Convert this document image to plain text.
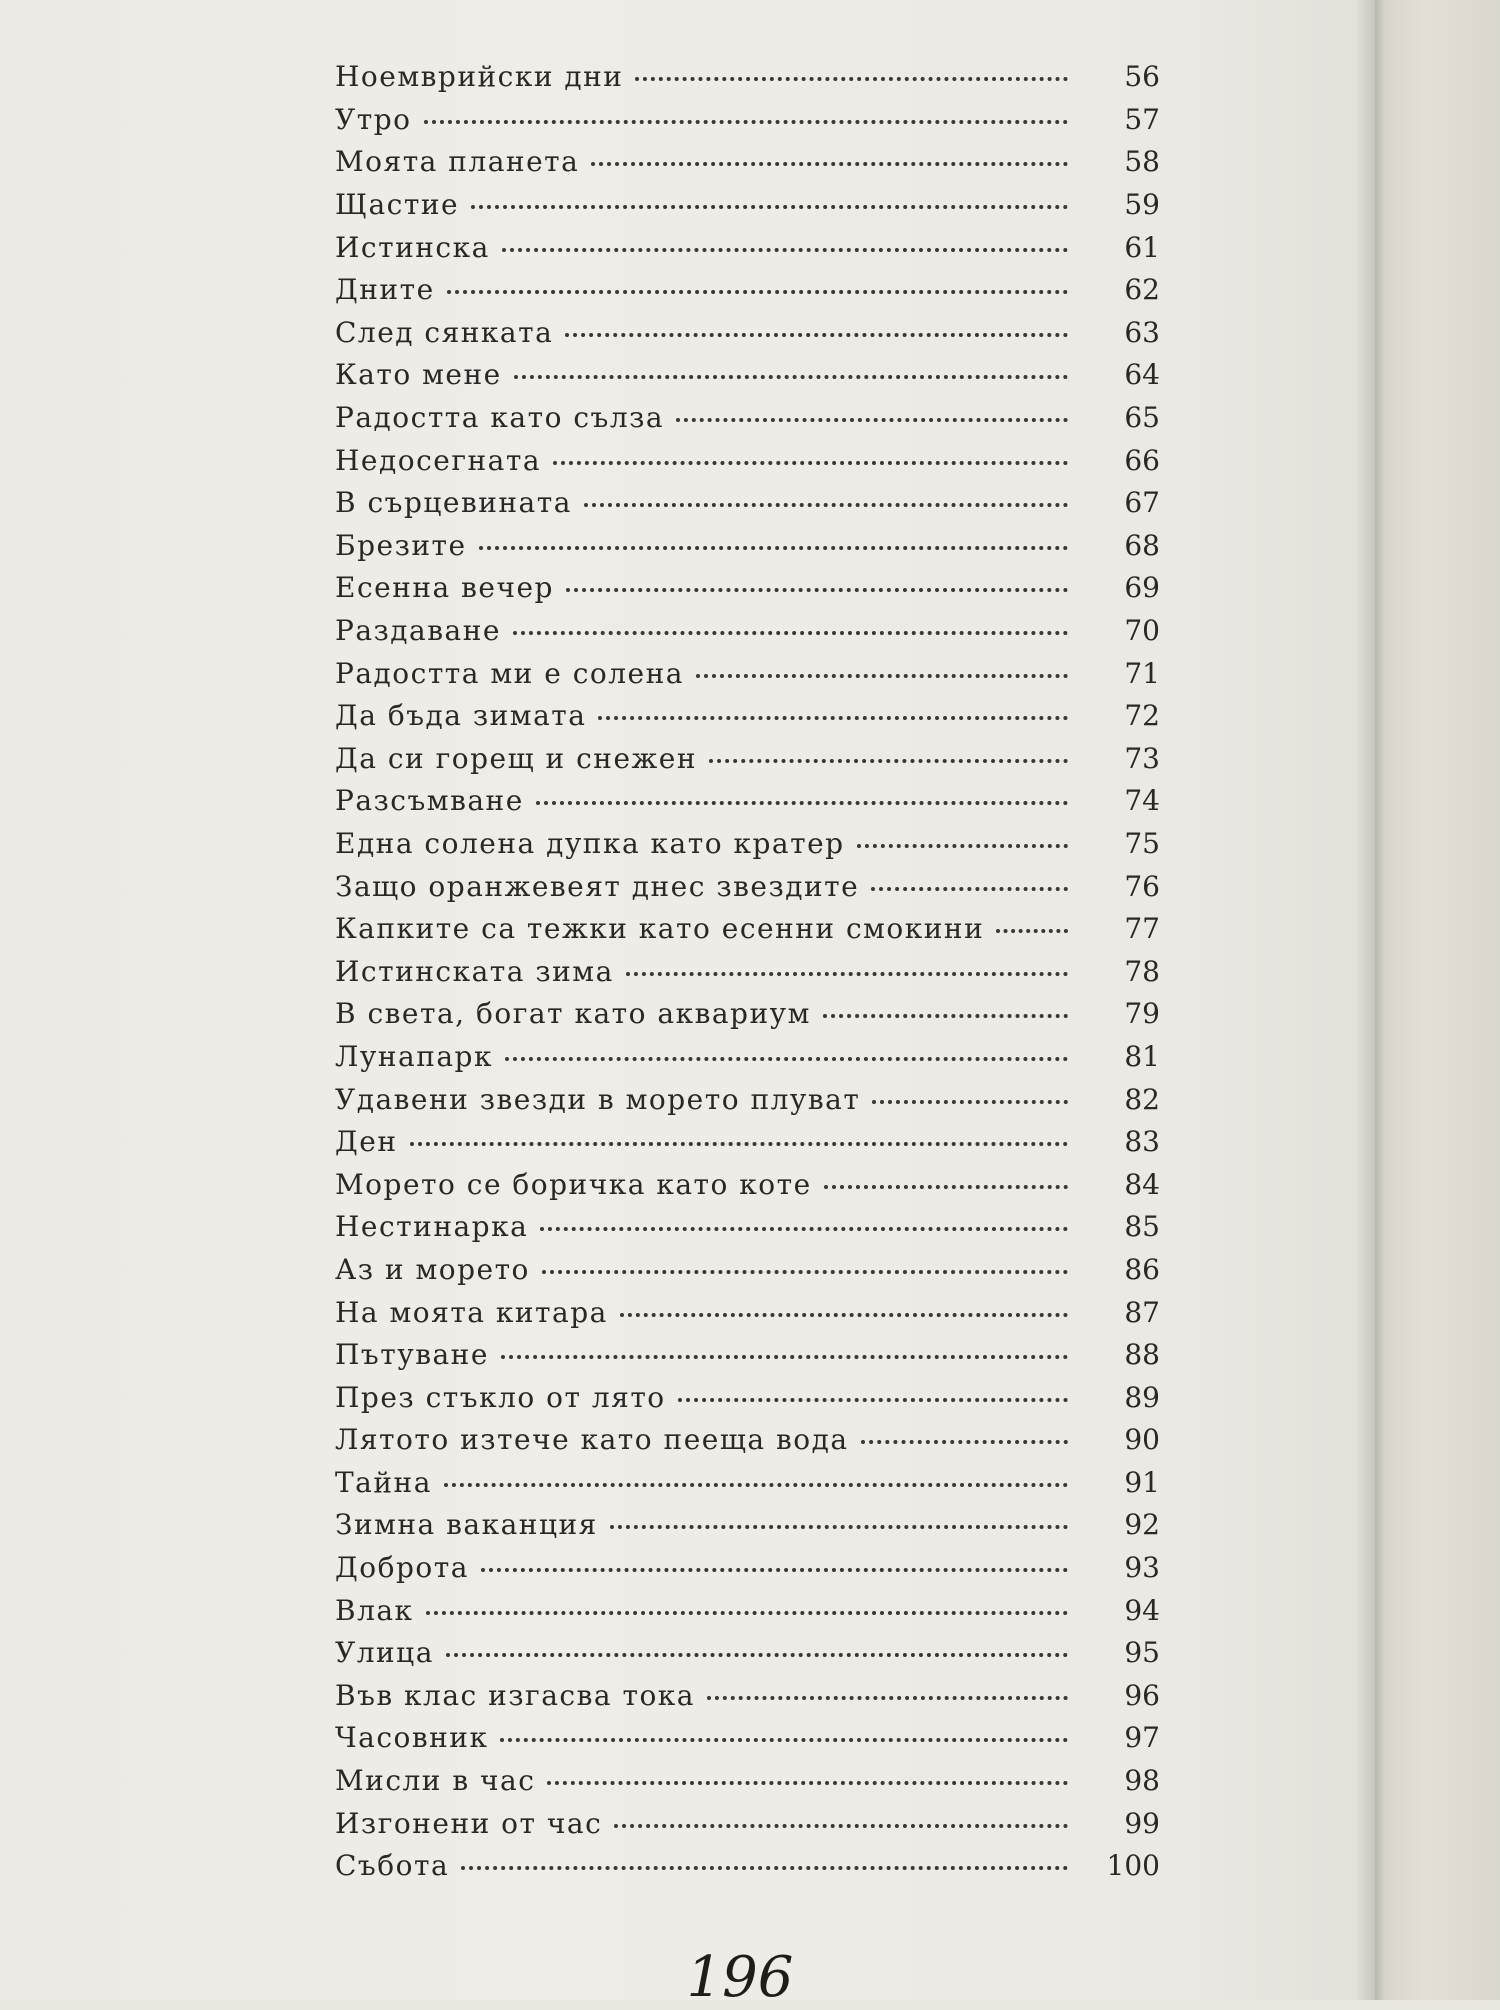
Ноемврийски дни	56
Утро	57
Моята планета	58
Щастие	59
Истинска	61
Дните	62
След сянката	63
Като мене	64
Радостта като сълза	65
Недосегната	66
В сърцевината	67
Брезите	68
Есенна вечер	69
Раздаване	70
Радостта ми е солена	71
Да бъда зимата	72
Да си горещ и снежен	73
Разсъмване	74
Една солена дупка като кратер	75
Защо оранжевеят днес звездите	76
Капките са тежки като есенни смокини	77
Истинската зима	78
В света, богат като аквариум	79
Лунапарк	81
Удавени звезди в морето плуват	82
Ден	83
Морето се боричка като коте	84
Нестинарка	85
Аз и морето	86
На моята китара	87
Пътуване	88
През стъкло от лято	89
Лятото изтече като пееща вода	90
Тайна	91
Зимна ваканция	92
Доброта	93
Влак	94
Улица	95
Във клас изгасва тока	96
Часовник	97
Мисли в час	98
Изгонени от час	99
Събота	100
196
